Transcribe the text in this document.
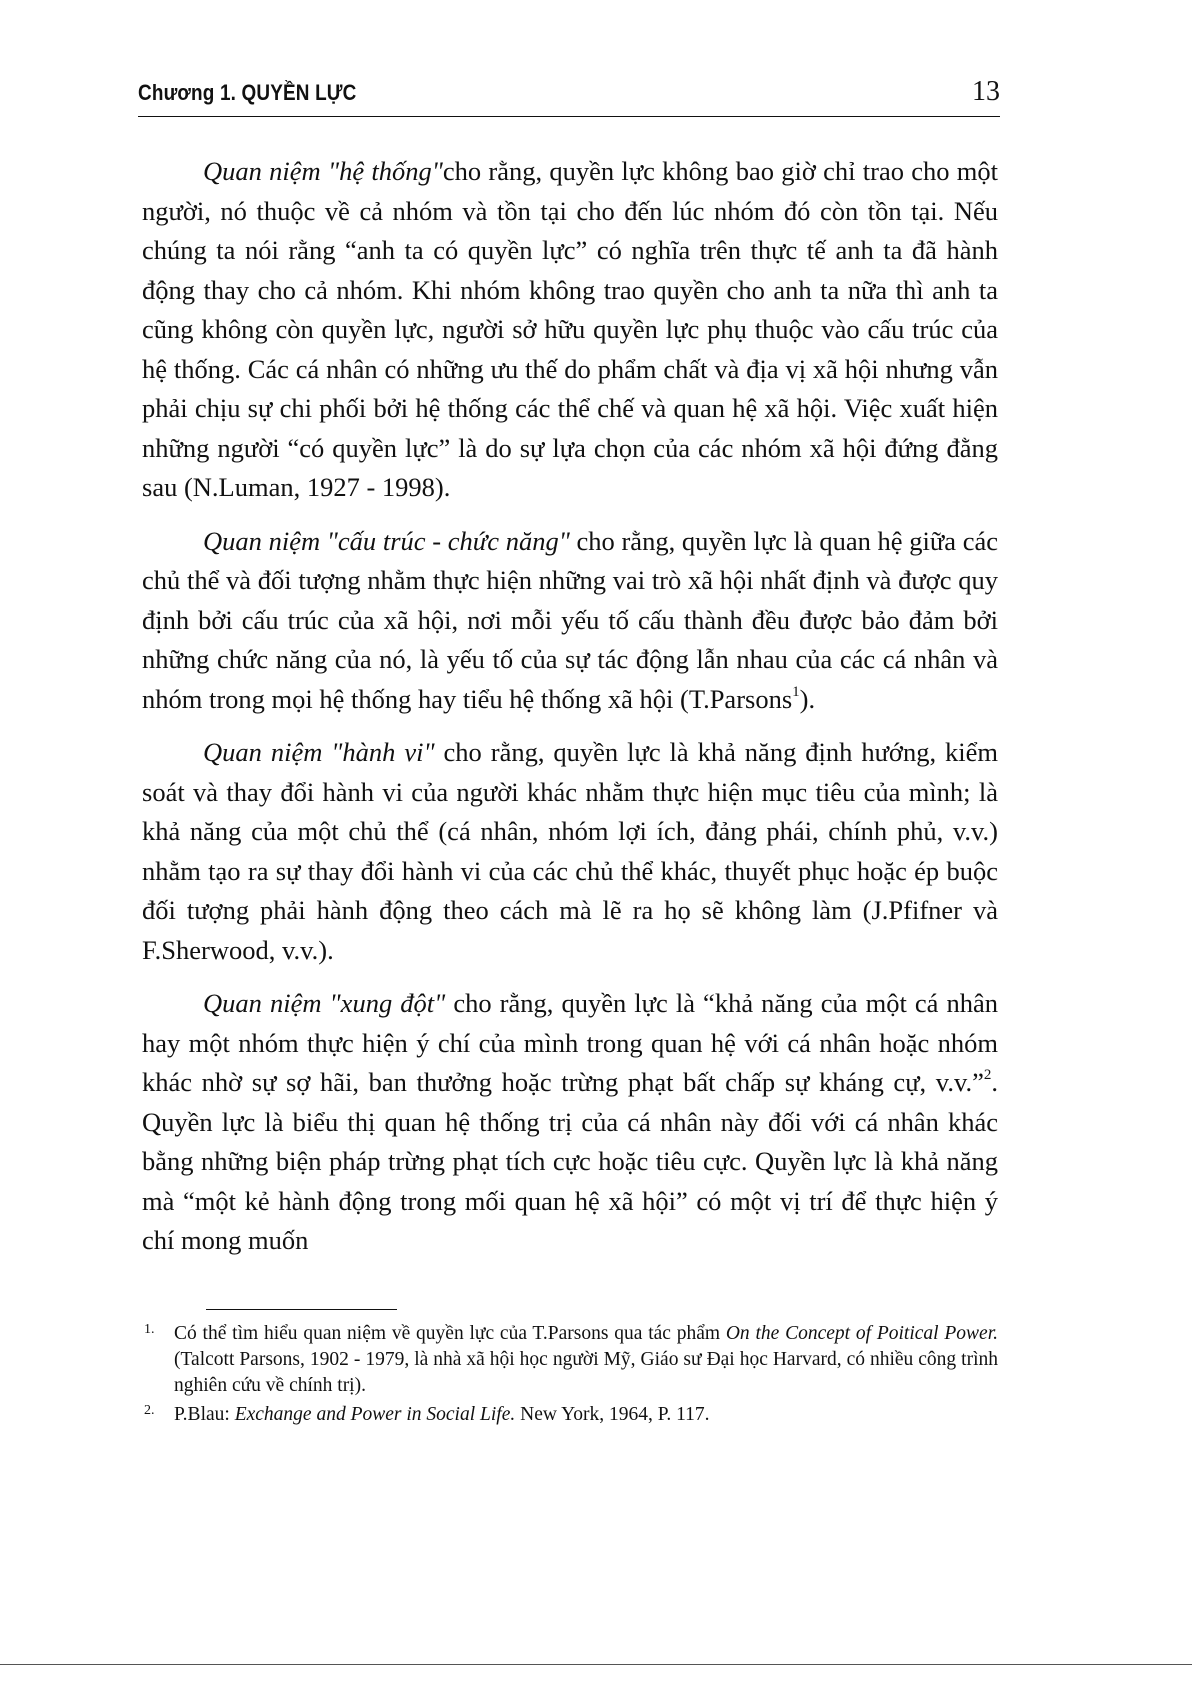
Chương 1. QUYỀN LỰC	13

Quan niệm "hệ thống"cho rằng, quyền lực không bao giờ chỉ trao cho một người, nó thuộc về cả nhóm và tồn tại cho đến lúc nhóm đó còn tồn tại. Nếu chúng ta nói rằng “anh ta có quyền lực” có nghĩa trên thực tế anh ta đã hành động thay cho cả nhóm. Khi nhóm không trao quyền cho anh ta nữa thì anh ta cũng không còn quyền lực, người sở hữu quyền lực phụ thuộc vào cấu trúc của hệ thống. Các cá nhân có những ưu thế do phẩm chất và địa vị xã hội nhưng vẫn phải chịu sự chi phối bởi hệ thống các thể chế và quan hệ xã hội. Việc xuất hiện những người “có quyền lực” là do sự lựa chọn của các nhóm xã hội đứng đằng sau (N.Luman, 1927 - 1998).

Quan niệm "cấu trúc - chức năng" cho rằng, quyền lực là quan hệ giữa các chủ thể và đối tượng nhằm thực hiện những vai trò xã hội nhất định và được quy định bởi cấu trúc của xã hội, nơi mỗi yếu tố cấu thành đều được bảo đảm bởi những chức năng của nó, là yếu tố của sự tác động lẫn nhau của các cá nhân và nhóm trong mọi hệ thống hay tiểu hệ thống xã hội (T.Parsons$^1$).

Quan niệm "hành vi" cho rằng, quyền lực là khả năng định hướng, kiểm soát và thay đổi hành vi của người khác nhằm thực hiện mục tiêu của mình; là khả năng của một chủ thể (cá nhân, nhóm lợi ích, đảng phái, chính phủ, v.v.) nhằm tạo ra sự thay đổi hành vi của các chủ thể khác, thuyết phục hoặc ép buộc đối tượng phải hành động theo cách mà lẽ ra họ sẽ không làm (J.Pfifner và F.Sherwood, v.v.).

Quan niệm "xung đột" cho rằng, quyền lực là “khả năng của một cá nhân hay một nhóm thực hiện ý chí của mình trong quan hệ với cá nhân hoặc nhóm khác nhờ sự sợ hãi, ban thưởng hoặc trừng phạt bất chấp sự kháng cự, v.v.”$^2$. Quyền lực là biểu thị quan hệ thống trị của cá nhân này đối với cá nhân khác bằng những biện pháp trừng phạt tích cực hoặc tiêu cực. Quyền lực là khả năng mà “một kẻ hành động trong mối quan hệ xã hội” có một vị trí để thực hiện ý chí mong muốn

1. Có thể tìm hiểu quan niệm về quyền lực của T.Parsons qua tác phẩm On the Concept of Poitical Power. (Talcott Parsons, 1902 - 1979, là nhà xã hội học người Mỹ, Giáo sư Đại học Harvard, có nhiều công trình nghiên cứu về chính trị).

2. P.Blau: Exchange and Power in Social Life. New York, 1964, P. 117.
